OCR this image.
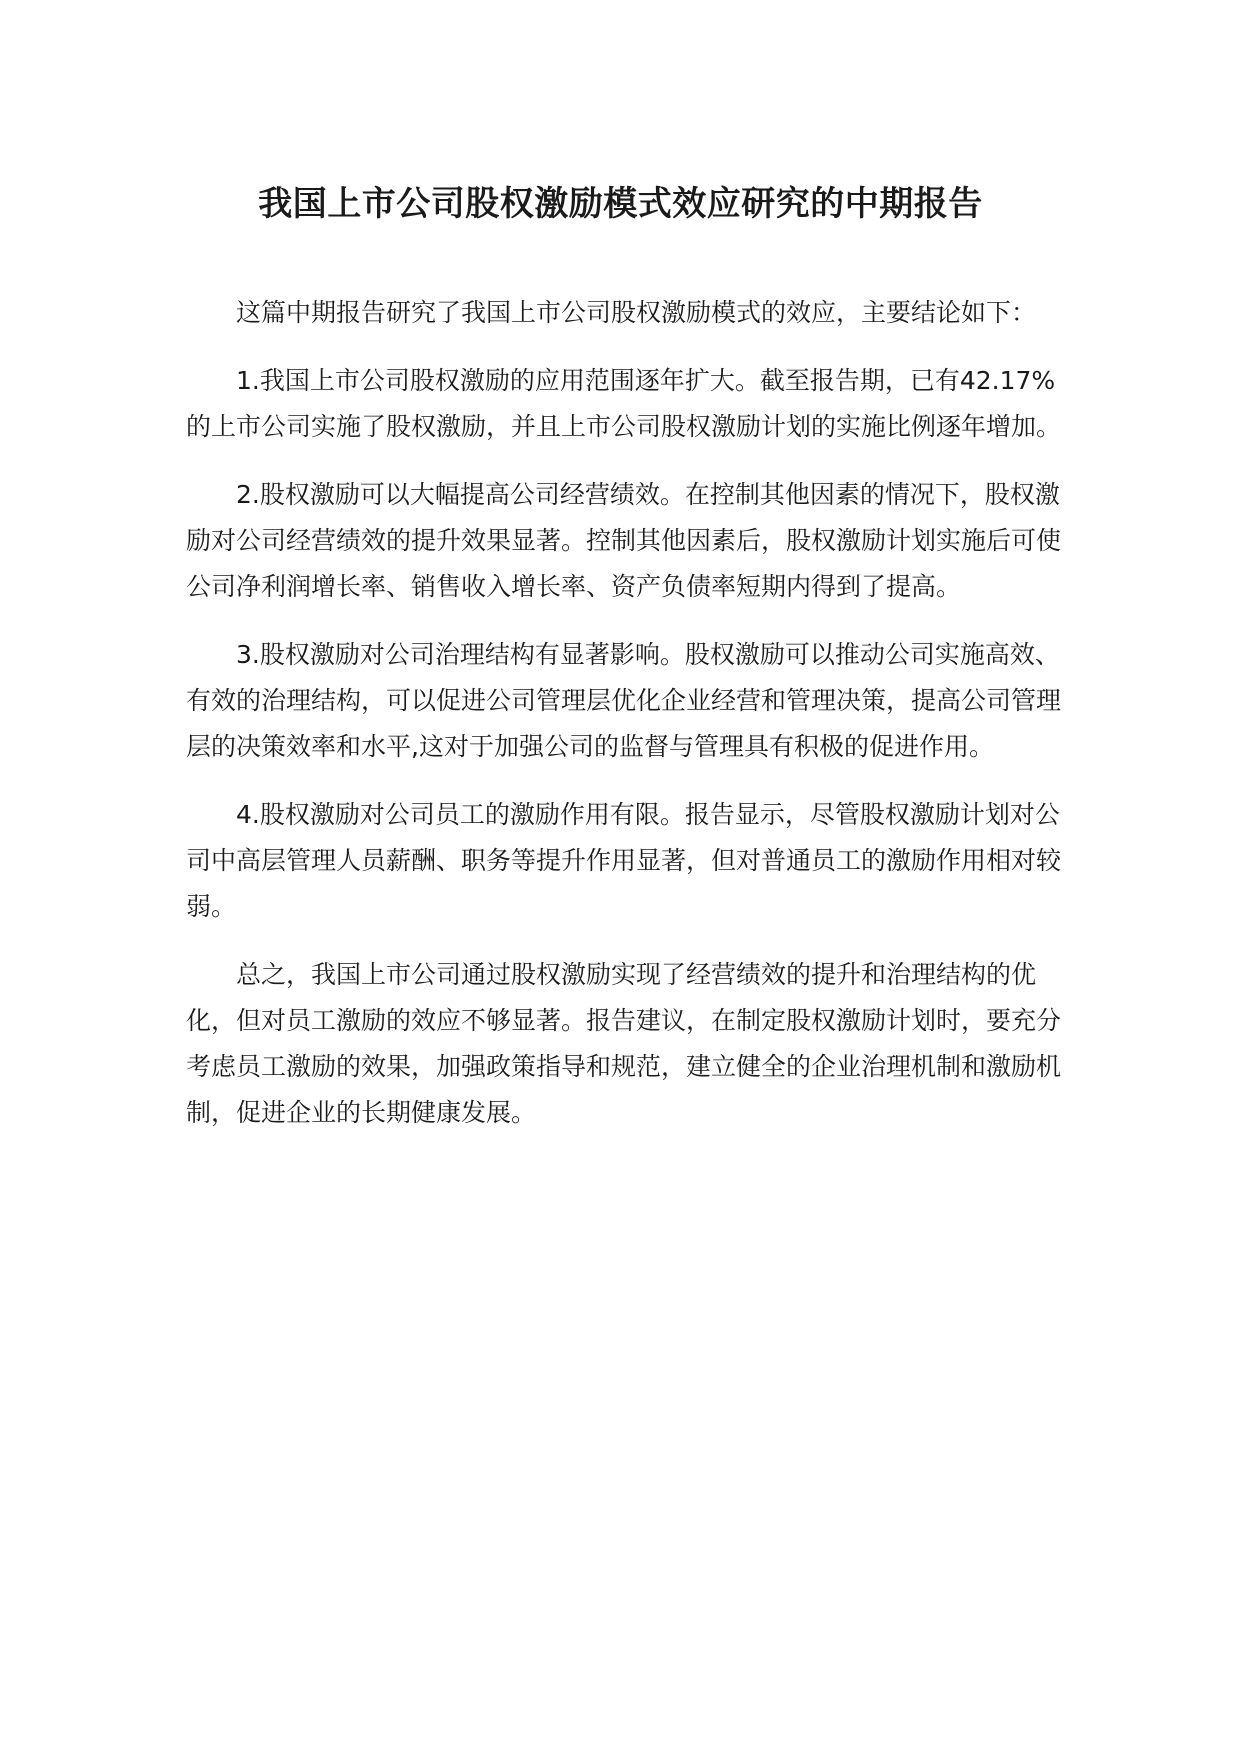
我国上市公司股权激励模式效应研究的中期报告

这篇中期报告研究了我国上市公司股权激励模式的效应，主要结论如下：

1.我国上市公司股权激励的应用范围逐年扩大。截至报告期，已有42.17%的上市公司实施了股权激励，并且上市公司股权激励计划的实施比例逐年增加。

2.股权激励可以大幅提高公司经营绩效。在控制其他因素的情况下，股权激励对公司经营绩效的提升效果显著。控制其他因素后，股权激励计划实施后可使公司净利润增长率、销售收入增长率、资产负债率短期内得到了提高。

3.股权激励对公司治理结构有显著影响。股权激励可以推动公司实施高效、有效的治理结构，可以促进公司管理层优化企业经营和管理决策，提高公司管理层的决策效率和水平,这对于加强公司的监督与管理具有积极的促进作用。

4.股权激励对公司员工的激励作用有限。报告显示，尽管股权激励计划对公司中高层管理人员薪酬、职务等提升作用显著，但对普通员工的激励作用相对较弱。

总之，我国上市公司通过股权激励实现了经营绩效的提升和治理结构的优化，但对员工激励的效应不够显著。报告建议，在制定股权激励计划时，要充分考虑员工激励的效果，加强政策指导和规范，建立健全的企业治理机制和激励机制，促进企业的长期健康发展。
